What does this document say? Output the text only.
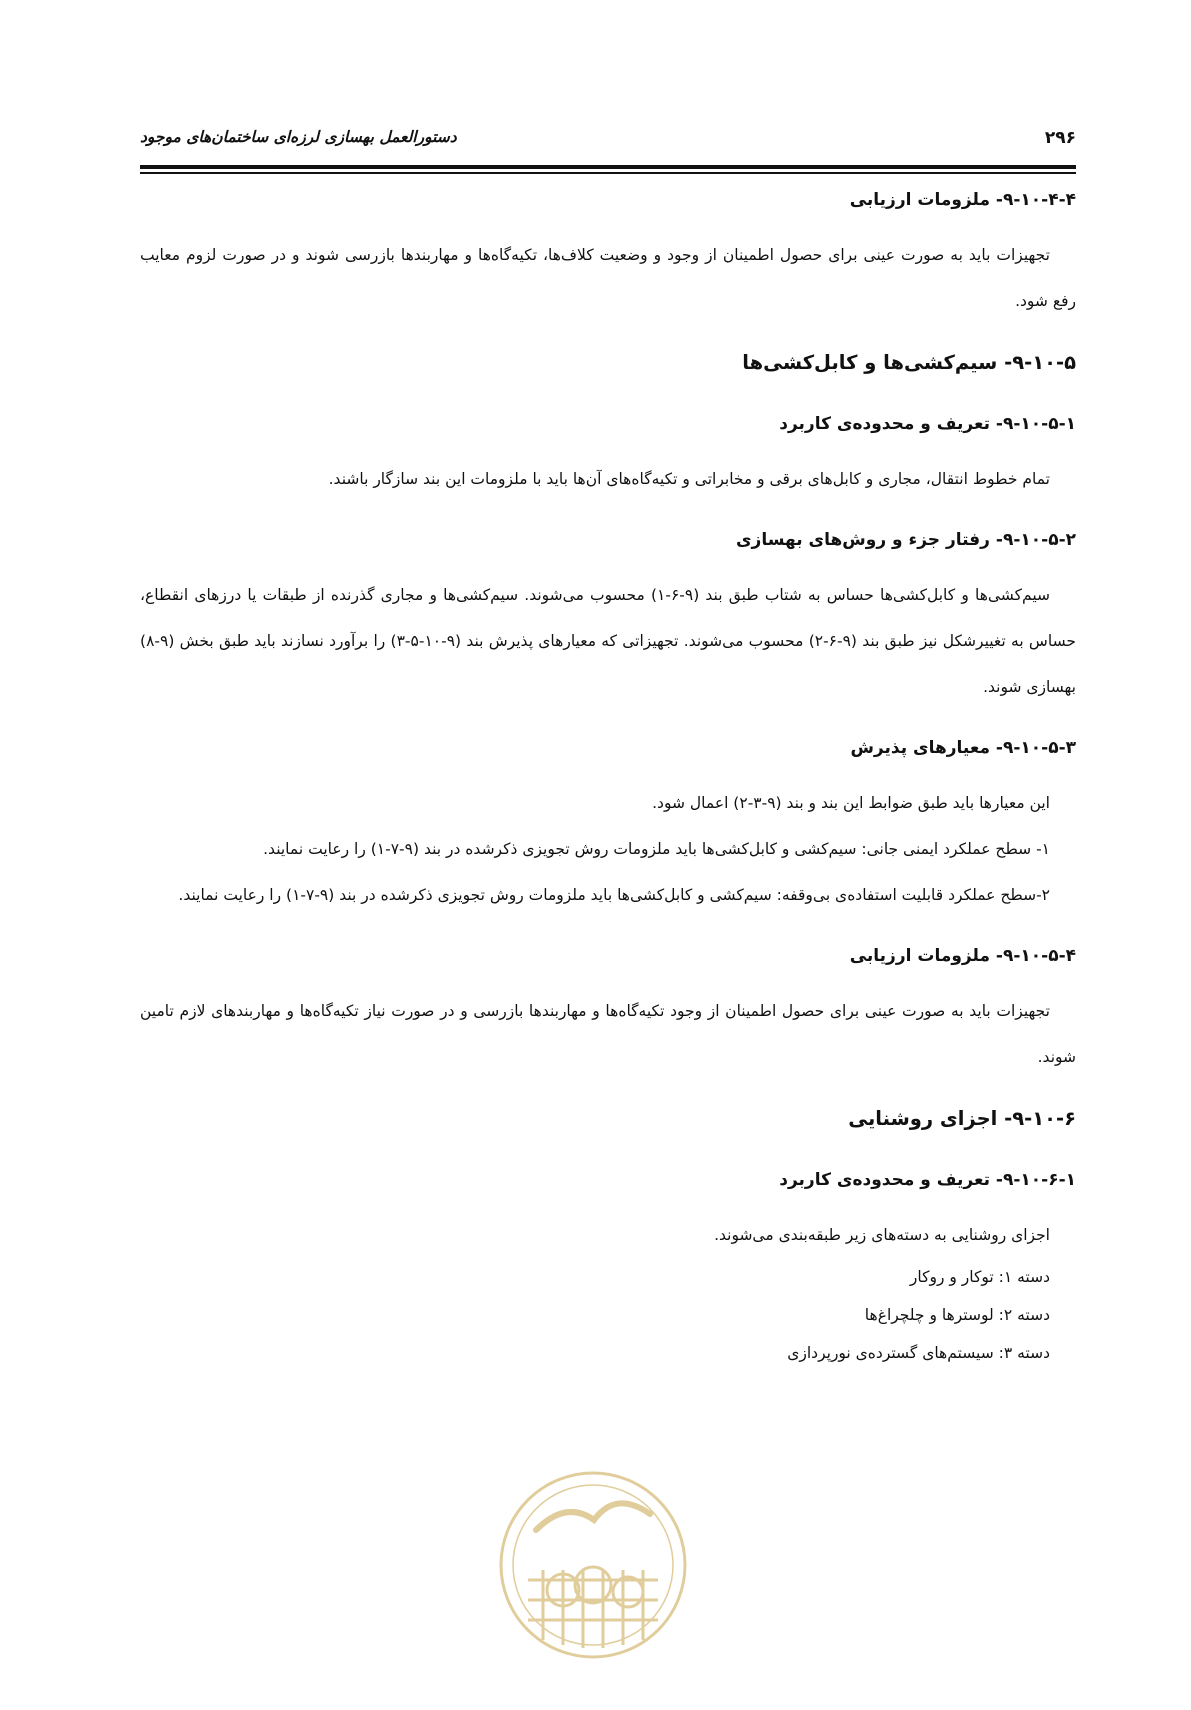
۲۹۶
دستورالعمل بهسازی لرزه‌ای ساختمان‌های موجود
۹-۱۰-۴-۴- ملزومات ارزیابی

تجهیزات باید به صورت عینی برای حصول اطمینان از وجود و وضعیت کلاف‌ها، تکیه‌گاه‌ها و مهاربندها بازرسی شوند و در صورت لزوم معایب رفع شود.

۹-۱۰-۵- سیم‌کشی‌ها و کابل‌کشی‌ها
۹-۱۰-۵-۱- تعریف و محدوده‌ی کاربرد

تمام خطوط انتقال، مجاری و کابل‌های برقی و مخابراتی و تکیه‌گاه‌های آن‌ها باید با ملزومات این بند سازگار باشند.

۹-۱۰-۵-۲- رفتار جزء و روش‌های بهسازی

سیم‌کشی‌ها و کابل‌کشی‌ها حساس به شتاب طبق بند (۹-۶-۱) محسوب می‌شوند. سیم‌کشی‌ها و مجاری گذرنده از طبقات یا درزهای انقطاع، حساس به تغییرشکل نیز طبق بند (۹-۶-۲) محسوب می‌شوند. تجهیزاتی که معیارهای پذیرش بند (۹-۱۰-۵-۳) را برآورد نسازند باید طبق بخش (۹-۸) بهسازی شوند.

۹-۱۰-۵-۳- معیارهای پذیرش

این معیارها باید طبق ضوابط این بند و بند (۹-۳-۲) اعمال شود.

۱- سطح عملکرد ایمنی جانی: سیم‌کشی و کابل‌کشی‌ها باید ملزومات روش تجویزی ذکرشده در بند (۹-۷-۱) را رعایت نمایند.

۲-سطح عملکرد قابلیت استفاده‌ی بی‌وقفه: سیم‌کشی و کابل‌کشی‌ها باید ملزومات روش تجویزی ذکرشده در بند (۹-۷-۱) را رعایت نمایند.

۹-۱۰-۵-۴- ملزومات ارزیابی

تجهیزات باید به صورت عینی برای حصول اطمینان از وجود تکیه‌گاه‌ها و مهاربندها بازرسی و در صورت نیاز تکیه‌گاه‌ها و مهاربندهای لازم تامین شوند.

۹-۱۰-۶- اجزای روشنایی
۹-۱۰-۶-۱- تعریف و محدوده‌ی کاربرد

اجزای روشنایی به دسته‌های زیر طبقه‌بندی می‌شوند.

دسته ۱: توکار و روکار
دسته ۲: لوسترها و چلچراغ‌ها
دسته ۳: سیستم‌های گسترده‌ی نورپردازی
